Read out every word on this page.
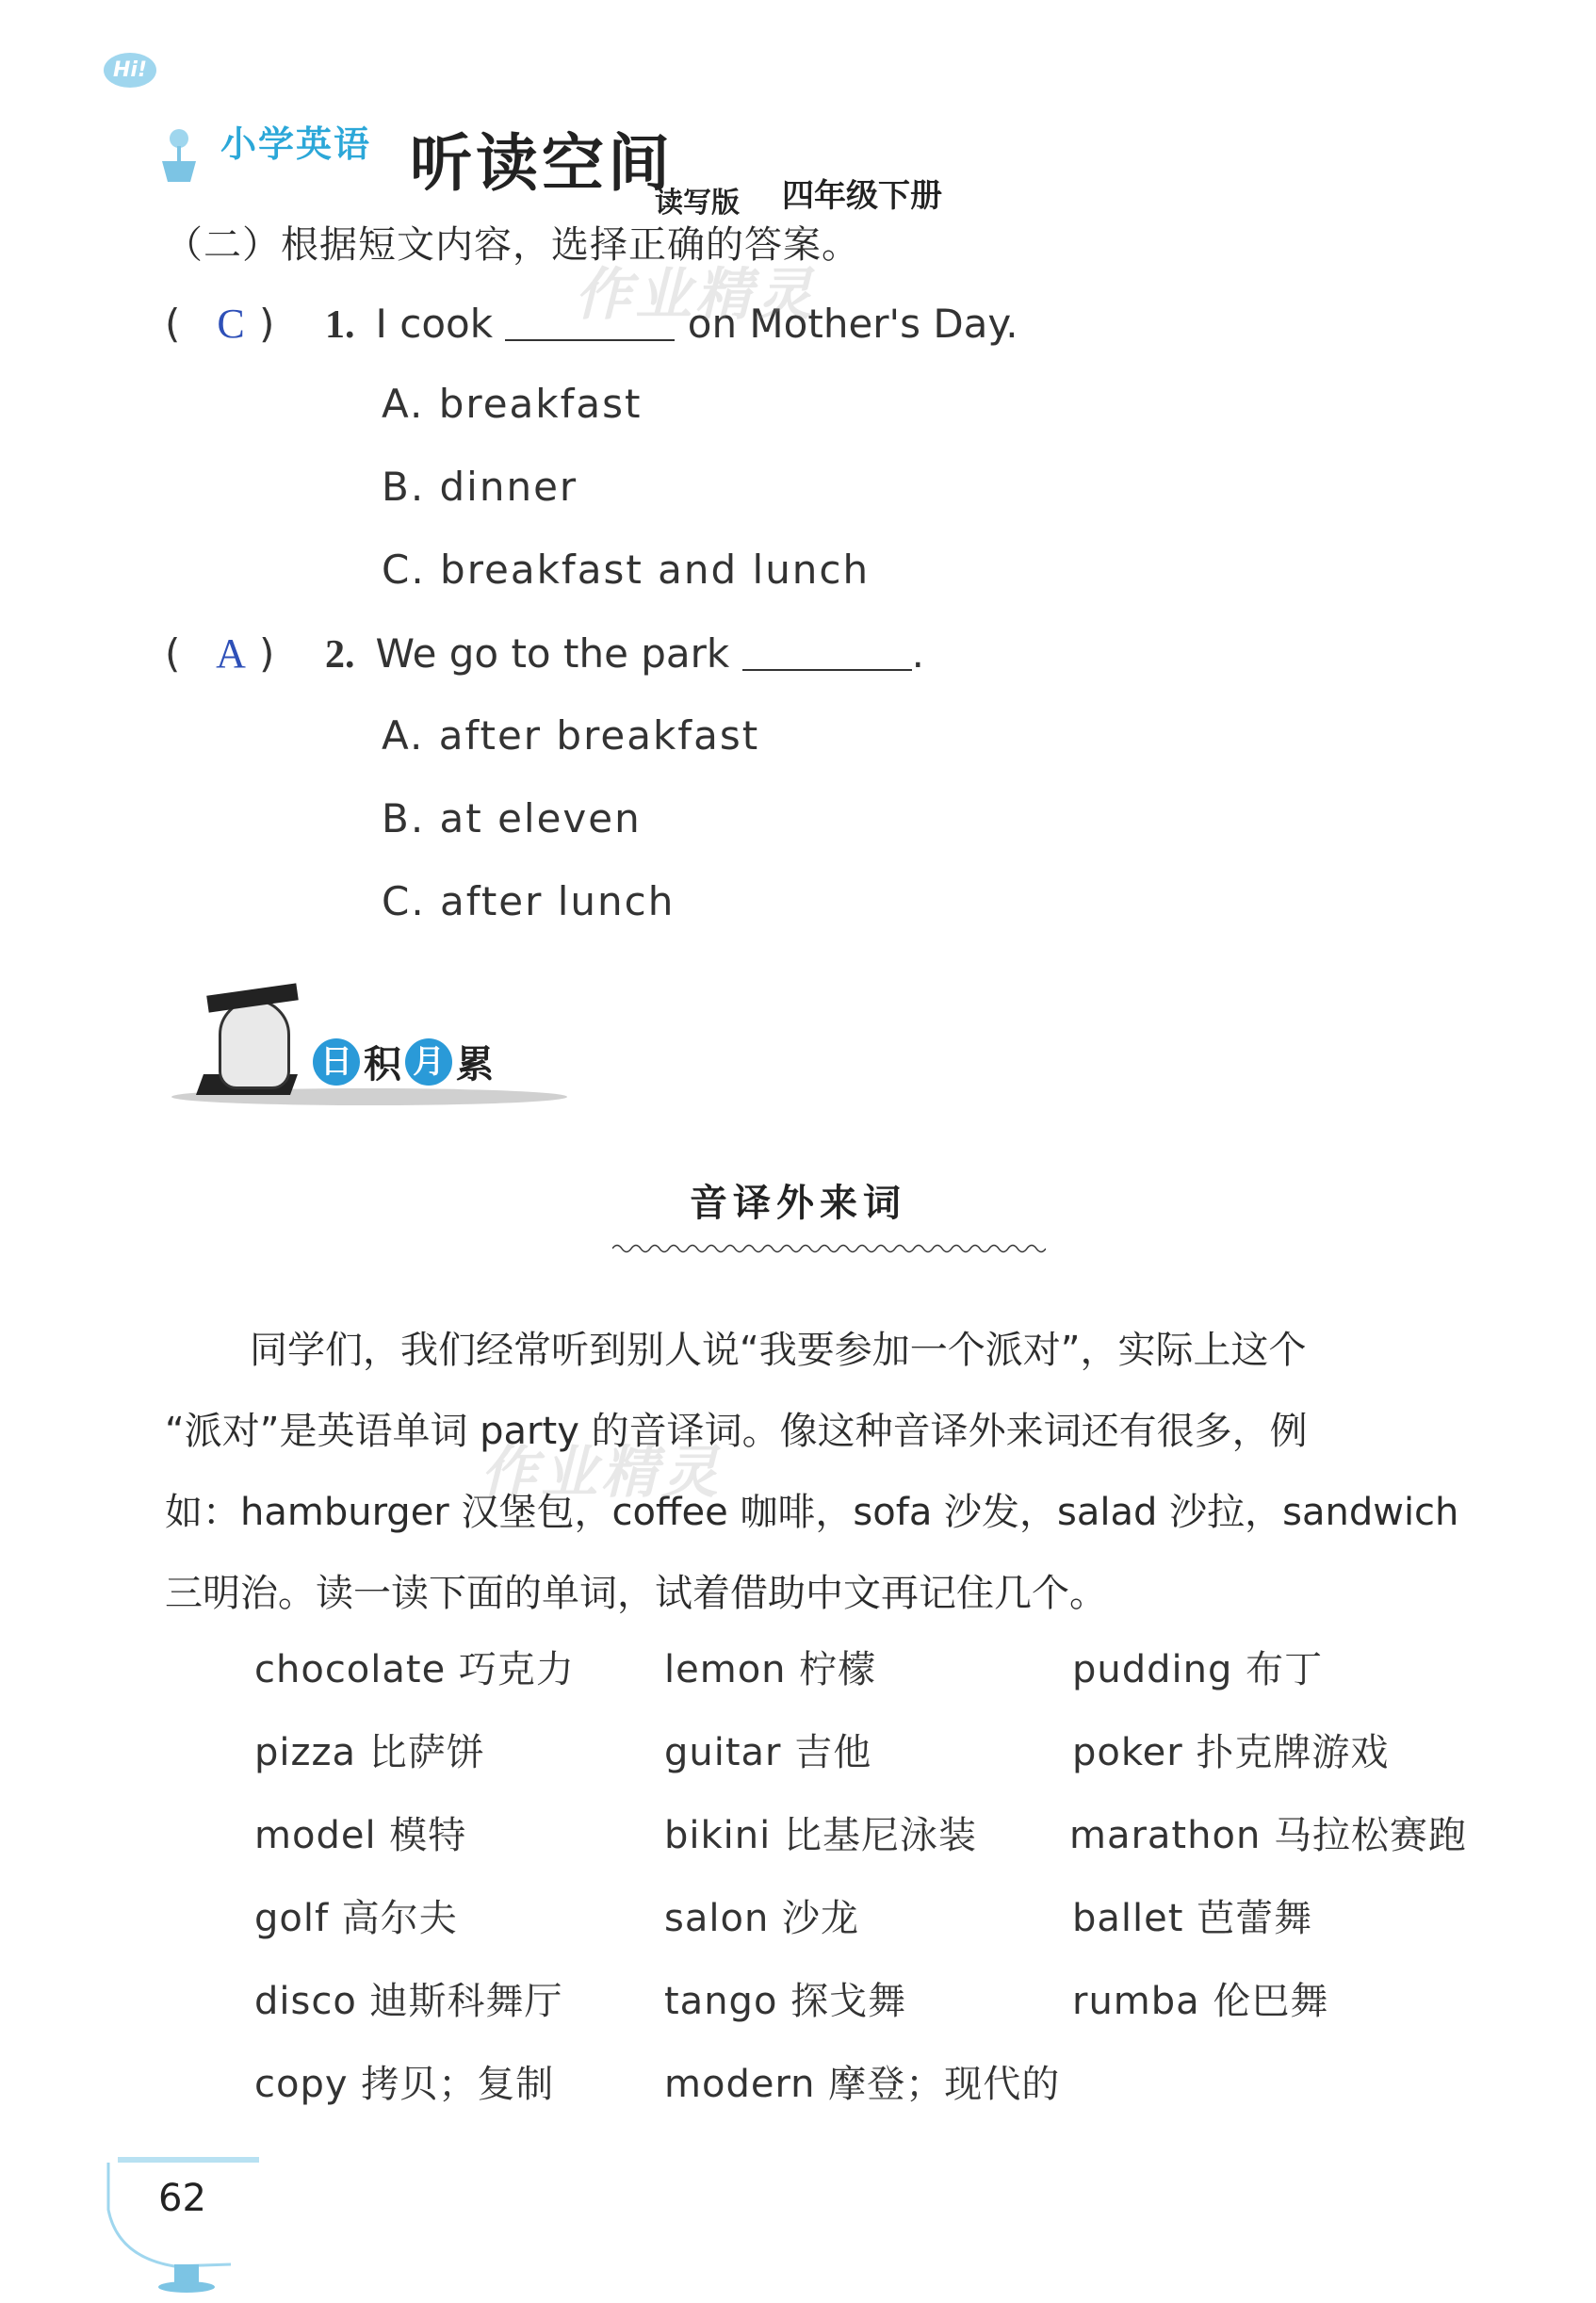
Hi!
小学英语 听读空间
读写版 四年级下册
（二）根据短文内容，选择正确的答案。
( C ) 1. I cook	on Mother's Day.
A. breakfast
B. dinner
C. breakfast and lunch
( A ) 2. We go to the park	.
A. after breakfast
B. at eleven
C. after lunch
日 积 月 累
音译外来词

同学们，我们经常听到别人说“我要参加一个派对”，实际上这个

“派对”是英语单词 party 的音译词。像这种音译外来词还有很多，例

如：hamburger 汉堡包，coffee 咖啡，sofa 沙发，salad 沙拉，sandwich

三明治。读一读下面的单词，试着借助中文再记住几个。

chocolate 巧克力 lemon 柠檬	pudding 布丁
pizza 比萨饼	guitar 吉他	poker 扑克牌游戏
model 模特	bikini 比基尼泳装 marathon 马拉松赛跑
golf 高尔夫	salon 沙龙	ballet 芭蕾舞
disco 迪斯科舞厅	tango 探戈舞	rumba 伦巴舞
copy 拷贝；复制	modern 摩登；现代的
作业精灵
作业精灵
62
